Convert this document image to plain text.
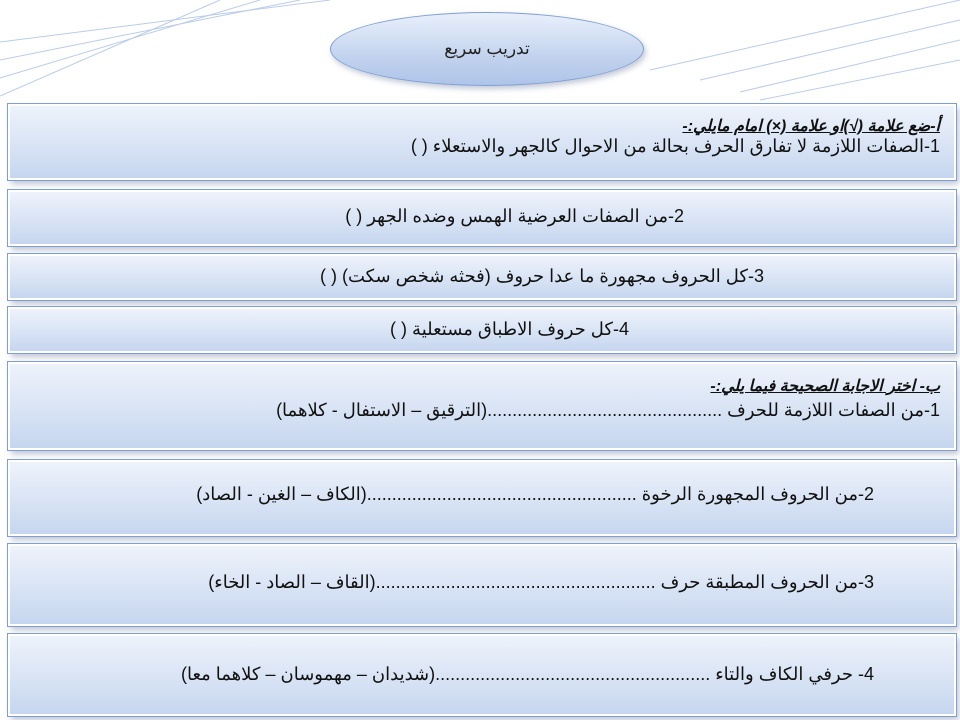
تدريب سريع
أ-ضع علامة (√)او علامة (×) امام مايلي:-
1-الصفات اللازمة لا تفارق الحرف بحالة من الاحوال كالجهر والاستعلاء ( )
2-من الصفات العرضية الهمس وضده الجهر ( )
3-كل الحروف مجهورة ما عدا حروف (فحثه شخص سكت) ( )
4-كل حروف الاطباق مستعلية ( )
ب- اختر الاجابة الصحيحة فيما يلي:-
1-من الصفات اللازمة للحرف ...............................................(الترقيق – الاستفال - كلاهما)
2-من الحروف المجهورة الرخوة ......................................................(الكاف – الغين - الصاد)
3-من الحروف المطبقة حرف ........................................................(القاف – الصاد - الخاء)
4- حرفي الكاف والتاء .......................................................(شديدان – مهموسان – كلاهما معا)
